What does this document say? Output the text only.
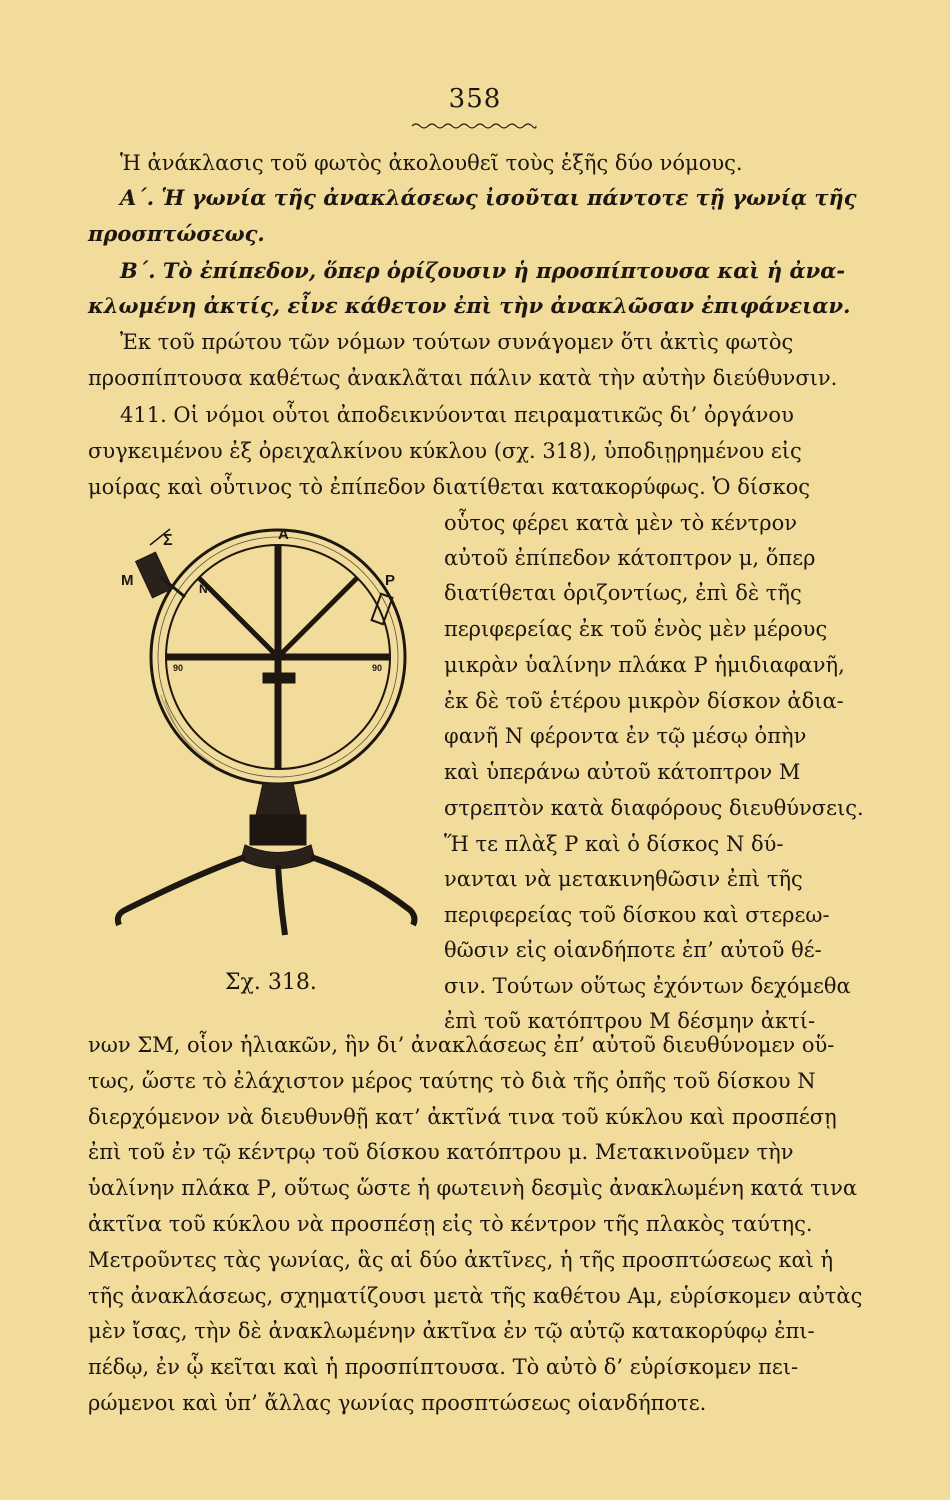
358
Ἡ ἀνάκλασις τοῦ φωτὸς ἀκολουθεῖ τοὺς ἑξῆς δύο νόμους.
Α΄. Ἡ γωνία τῆς ἀνακλάσεως ἰσοῦται πάντοτε τῇ γωνίᾳ τῆς
προσπτώσεως.
Β΄. Τὸ ἐπίπεδον, ὅπερ ὁρίζουσιν ἡ προσπίπτουσα καὶ ἡ ἀνα-
κλωμένη ἀκτίς, εἶνε κάθετον ἐπὶ τὴν ἀνακλῶσαν ἐπιφάνειαν.
Ἐκ τοῦ πρώτου τῶν νόμων τούτων συνάγομεν ὅτι ἀκτὶς φωτὸς
προσπίπτουσα καθέτως ἀνακλᾶται πάλιν κατὰ τὴν αὐτὴν διεύθυνσιν.
411. Οἱ νόμοι οὗτοι ἀποδεικνύονται πειραματικῶς δι’ ὀργάνου
συγκειμένου ἐξ ὀρειχαλκίνου κύκλου (σχ. 318), ὑποδιῃρημένου εἰς
μοίρας καὶ οὗτινος τὸ ἐπίπεδον διατίθεται κατακορύφως. Ὁ δίσκος
οὗτος φέρει κατὰ μὲν τὸ κέντρον
αὐτοῦ ἐπίπεδον κάτοπτρον μ, ὅπερ
διατίθεται ὁριζοντίως, ἐπὶ δὲ τῆς
περιφερείας ἐκ τοῦ ἑνὸς μὲν μέρους
μικρὰν ὑαλίνην πλάκα Ρ ἡμιδιαφανῆ,
ἐκ δὲ τοῦ ἑτέρου μικρὸν δίσκον ἀδια-
φανῆ Ν φέροντα ἐν τῷ μέσῳ ὀπὴν
καὶ ὑπεράνω αὐτοῦ κάτοπτρον Μ
στρεπτὸν κατὰ διαφόρους διευθύνσεις.
Ἥ τε πλὰξ Ρ καὶ ὁ δίσκος Ν δύ-
νανται νὰ μετακινηθῶσιν ἐπὶ τῆς
περιφερείας τοῦ δίσκου καὶ στερεω-
θῶσιν εἰς οἱανδήποτε ἐπ’ αὐτοῦ θέ-
σιν. Τούτων οὕτως ἐχόντων δεχόμεθα
ἐπὶ τοῦ κατόπτρου Μ δέσμην ἀκτί-
Σ	A
M	N	P
90	90
Σχ. 318.
νων ΣΜ, οἷον ἡλιακῶν, ἣν δι’ ἀνακλάσεως ἐπ’ αὐτοῦ διευθύνομεν οὕ-
τως, ὥστε τὸ ἐλάχιστον μέρος ταύτης τὸ διὰ τῆς ὀπῆς τοῦ δίσκου Ν
διερχόμενον νὰ διευθυνθῇ κατ’ ἀκτῖνά τινα τοῦ κύκλου καὶ προσπέσῃ
ἐπὶ τοῦ ἐν τῷ κέντρῳ τοῦ δίσκου κατόπτρου μ. Μετακινοῦμεν τὴν
ὑαλίνην πλάκα Ρ, οὕτως ὥστε ἡ φωτεινὴ δεσμὶς ἀνακλωμένη κατά τινα
ἀκτῖνα τοῦ κύκλου νὰ προσπέσῃ εἰς τὸ κέντρον τῆς πλακὸς ταύτης.
Μετροῦντες τὰς γωνίας, ἃς αἱ δύο ἀκτῖνες, ἡ τῆς προσπτώσεως καὶ ἡ
τῆς ἀνακλάσεως, σχηματίζουσι μετὰ τῆς καθέτου Αμ, εὑρίσκομεν αὐτὰς
μὲν ἴσας, τὴν δὲ ἀνακλωμένην ἀκτῖνα ἐν τῷ αὐτῷ κατακορύφῳ ἐπι-
πέδῳ, ἐν ᾧ κεῖται καὶ ἡ προσπίπτουσα. Τὸ αὐτὸ δ’ εὑρίσκομεν πει-
ρώμενοι καὶ ὑπ’ ἄλλας γωνίας προσπτώσεως οἱανδήποτε.
